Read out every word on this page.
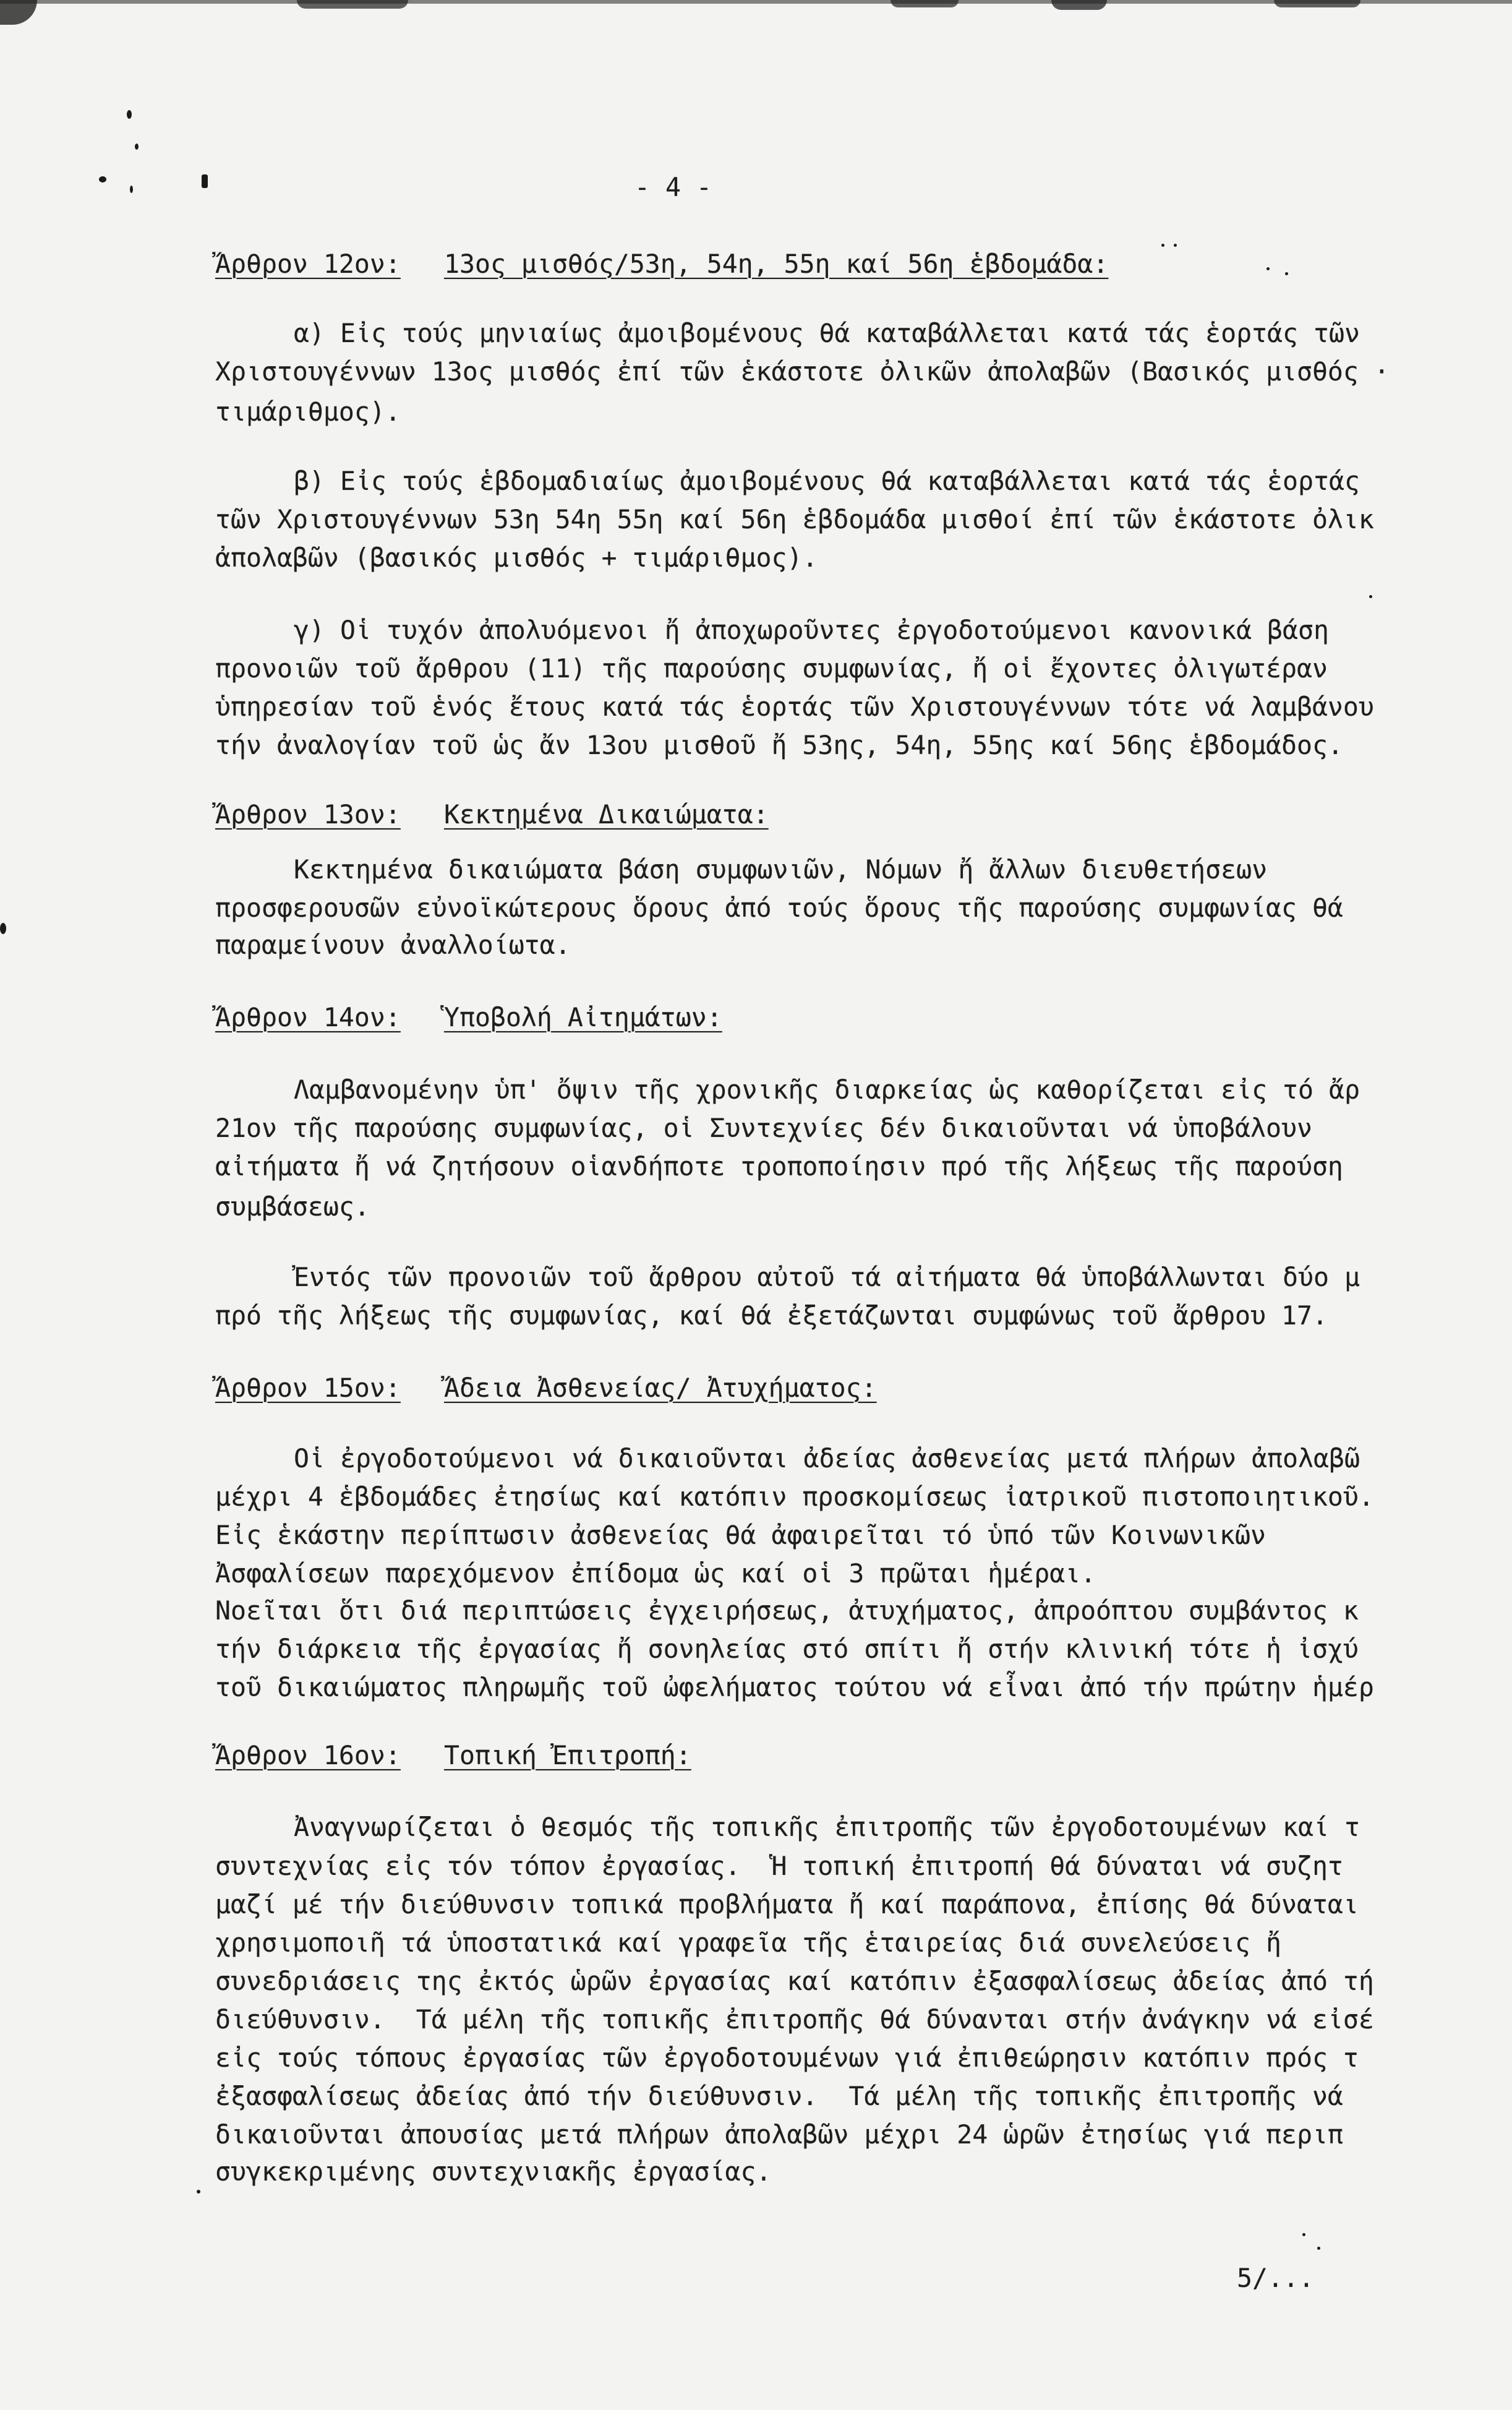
- 4 -
Ἄρθρον 12ον: 13ος μισθός/53η, 54η, 55η καί 56η ἑβδομάδα:
α) Εἰς τούς μηνιαίως ἀμοιβομένους θά καταβάλλεται κατά τάς ἑορτάς τῶν
Χριστουγέννων 13ος μισθός ἐπί τῶν ἑκάστοτε ὀλικῶν ἀπολαβῶν (Βασικός μισθός ·
τιμάριθμος).
β) Εἰς τούς ἑβδομαδιαίως ἀμοιβομένους θά καταβάλλεται κατά τάς ἑορτάς
τῶν Χριστουγέννων 53η 54η 55η καί 56η ἑβδομάδα μισθοί ἐπί τῶν ἑκάστοτε ὀλικ
ἀπολαβῶν (βασικός μισθός + τιμάριθμος).
γ) Οἱ τυχόν ἀπολυόμενοι ἤ ἀποχωροῦντες ἐργοδοτούμενοι κανονικά βάση
προνοιῶν τοῦ ἄρθρου (11) τῆς παρούσης συμφωνίας, ἤ οἱ ἔχοντες ὀλιγωτέραν
ὑπηρεσίαν τοῦ ἑνός ἔτους κατά τάς ἑορτάς τῶν Χριστουγέννων τότε νά λαμβάνου
τήν ἀναλογίαν τοῦ ὡς ἄν 13ου μισθοῦ ἤ 53ης, 54η, 55ης καί 56ης ἑβδομάδος.
Ἄρθρον 13ον: Κεκτημένα Δικαιώματα:
Κεκτημένα δικαιώματα βάση συμφωνιῶν, Νόμων ἤ ἄλλων διευθετήσεων
προσφερουσῶν εὐνοϊκώτερους ὅρους ἀπό τούς ὅρους τῆς παρούσης συμφωνίας θά
παραμείνουν ἀναλλοίωτα.
Ἄρθρον 14ον: Ὑποβολή Αἰτημάτων:
Λαμβανομένην ὑπ' ὄψιν τῆς χρονικῆς διαρκείας ὡς καθορίζεται εἰς τό ἄρ
21ον τῆς παρούσης συμφωνίας, οἱ Συντεχνίες δέν δικαιοῦνται νά ὑποβάλουν
αἰτήματα ἤ νά ζητήσουν οἱανδήποτε τροποποίησιν πρό τῆς λήξεως τῆς παρούση
συμβάσεως.
Ἐντός τῶν προνοιῶν τοῦ ἄρθρου αὐτοῦ τά αἰτήματα θά ὑποβάλλωνται δύο μ
πρό τῆς λήξεως τῆς συμφωνίας, καί θά ἐξετάζωνται συμφώνως τοῦ ἄρθρου 17.
Ἄρθρον 15ον: Ἄδεια Ἀσθενείας/ Ἀτυχήματος:
Οἱ ἐργοδοτούμενοι νά δικαιοῦνται ἀδείας ἀσθενείας μετά πλήρων ἀπολαβῶ
μέχρι 4 ἑβδομάδες ἐτησίως καί κατόπιν προσκομίσεως ἰατρικοῦ πιστοποιητικοῦ.
Εἰς ἑκάστην περίπτωσιν ἀσθενείας θά ἀφαιρεῖται τό ὑπό τῶν Κοινωνικῶν
Ἀσφαλίσεων παρεχόμενον ἐπίδομα ὡς καί οἱ 3 πρῶται ἡμέραι.
Νοεῖται ὅτι διά περιπτώσεις ἐγχειρήσεως, ἀτυχήματος, ἀπροόπτου συμβάντος κ
τήν διάρκεια τῆς ἐργασίας ἤ σονηλείας στό σπίτι ἤ στήν κλινική τότε ἡ ἰσχύ
τοῦ δικαιώματος πληρωμῆς τοῦ ὠφελήματος τούτου νά εἶναι ἀπό τήν πρώτην ἡμέρ
Ἄρθρον 16ον: Τοπική Ἐπιτροπή:
Ἀναγνωρίζεται ὁ θεσμός τῆς τοπικῆς ἐπιτροπῆς τῶν ἐργοδοτουμένων καί τ
συντεχνίας εἰς τόν τόπον ἐργασίας.  Ἡ τοπική ἐπιτροπή θά δύναται νά συζητ
μαζί μέ τήν διεύθυνσιν τοπικά προβλήματα ἤ καί παράπονα, ἐπίσης θά δύναται
χρησιμοποιῆ τά ὑποστατικά καί γραφεῖα τῆς ἑταιρείας διά συνελεύσεις ἤ
συνεδριάσεις της ἐκτός ὡρῶν ἐργασίας καί κατόπιν ἐξασφαλίσεως ἀδείας ἀπό τή
διεύθυνσιν.  Τά μέλη τῆς τοπικῆς ἐπιτροπῆς θά δύνανται στήν ἀνάγκην νά εἰσέ
εἰς τούς τόπους ἐργασίας τῶν ἐργοδοτουμένων γιά ἐπιθεώρησιν κατόπιν πρός τ
ἐξασφαλίσεως ἀδείας ἀπό τήν διεύθυνσιν.  Τά μέλη τῆς τοπικῆς ἐπιτροπῆς νά
δικαιοῦνται ἀπουσίας μετά πλήρων ἀπολαβῶν μέχρι 24 ὡρῶν ἐτησίως γιά περιπ
συγκεκριμένης συντεχνιακῆς ἐργασίας.
5/...
